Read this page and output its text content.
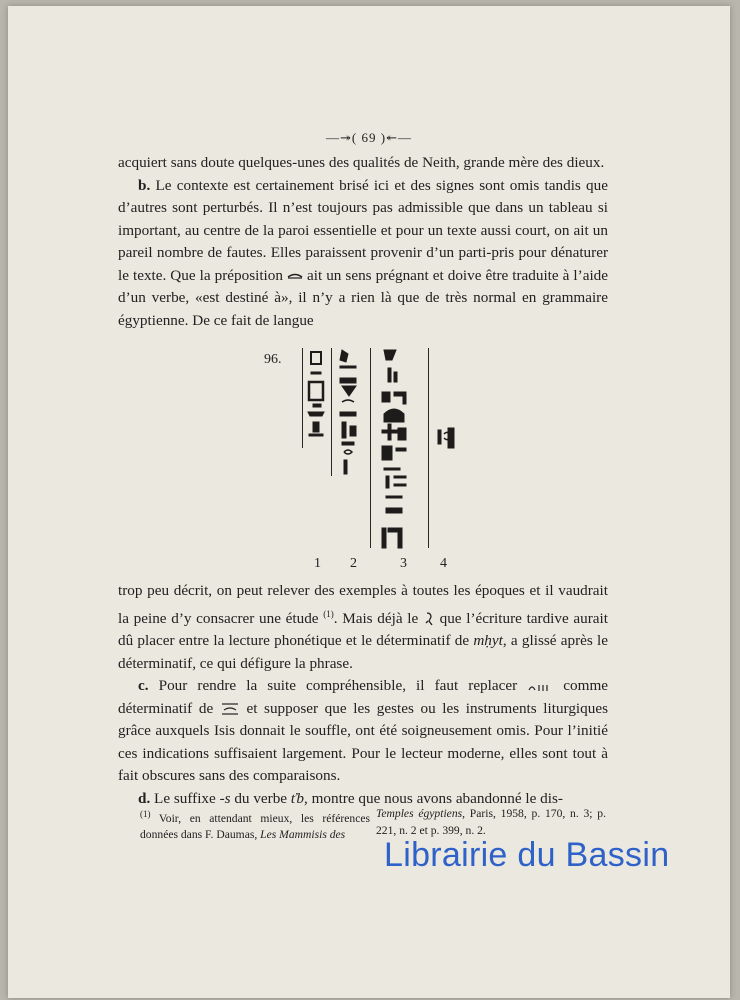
—↠( 69 )↞—

acquiert sans doute quelques-unes des qualités de Neith, grande mère des dieux.

b. Le contexte est certainement brisé ici et des signes sont omis tandis que d’autres sont perturbés. Il n’est toujours pas admissible que dans un tableau si important, au centre de la paroi essentielle et pour un texte aussi court, on ait un pareil nombre de fautes. Elles paraissent provenir d’un parti-pris pour dénaturer le texte. Que la préposition  ait un sens prégnant et doive être traduite à l’aide d’un verbe, «est destiné à», il n’y a rien là que de très normal en grammaire égyptienne. De ce fait de langue

96.
1 2	3 4

trop peu décrit, on peut relever des exemples à toutes les époques et il vaudrait la peine d’y consacrer une étude $^{(1)}$. Mais déjà le  que l’écriture tardive aurait dû placer entre la lecture phonétique et le déterminatif de mḥyt, a glissé après le déterminatif, ce qui défigure la phrase.

c. Pour rendre la suite compréhensible, il faut replacer  comme déterminatif de  et supposer que les gestes ou les instruments liturgiques grâce auxquels Isis donnait le souffle, ont été soigneusement omis. Pour l’initié ces indications suffisaient largement. Pour le lecteur moderne, elles sont tout à fait obscures sans des comparaisons.

d. Le suffixe -s du verbe ťb, montre que nous avons abandonné le dis-

$^{(1)}$ Voir, en attendant mieux, les références données dans F. Daumas, Les Mammisis des
Temples égyptiens, Paris, 1958, p. 170, n. 3; p. 221, n. 2 et p. 399, n. 2.
Librairie du Bassin
